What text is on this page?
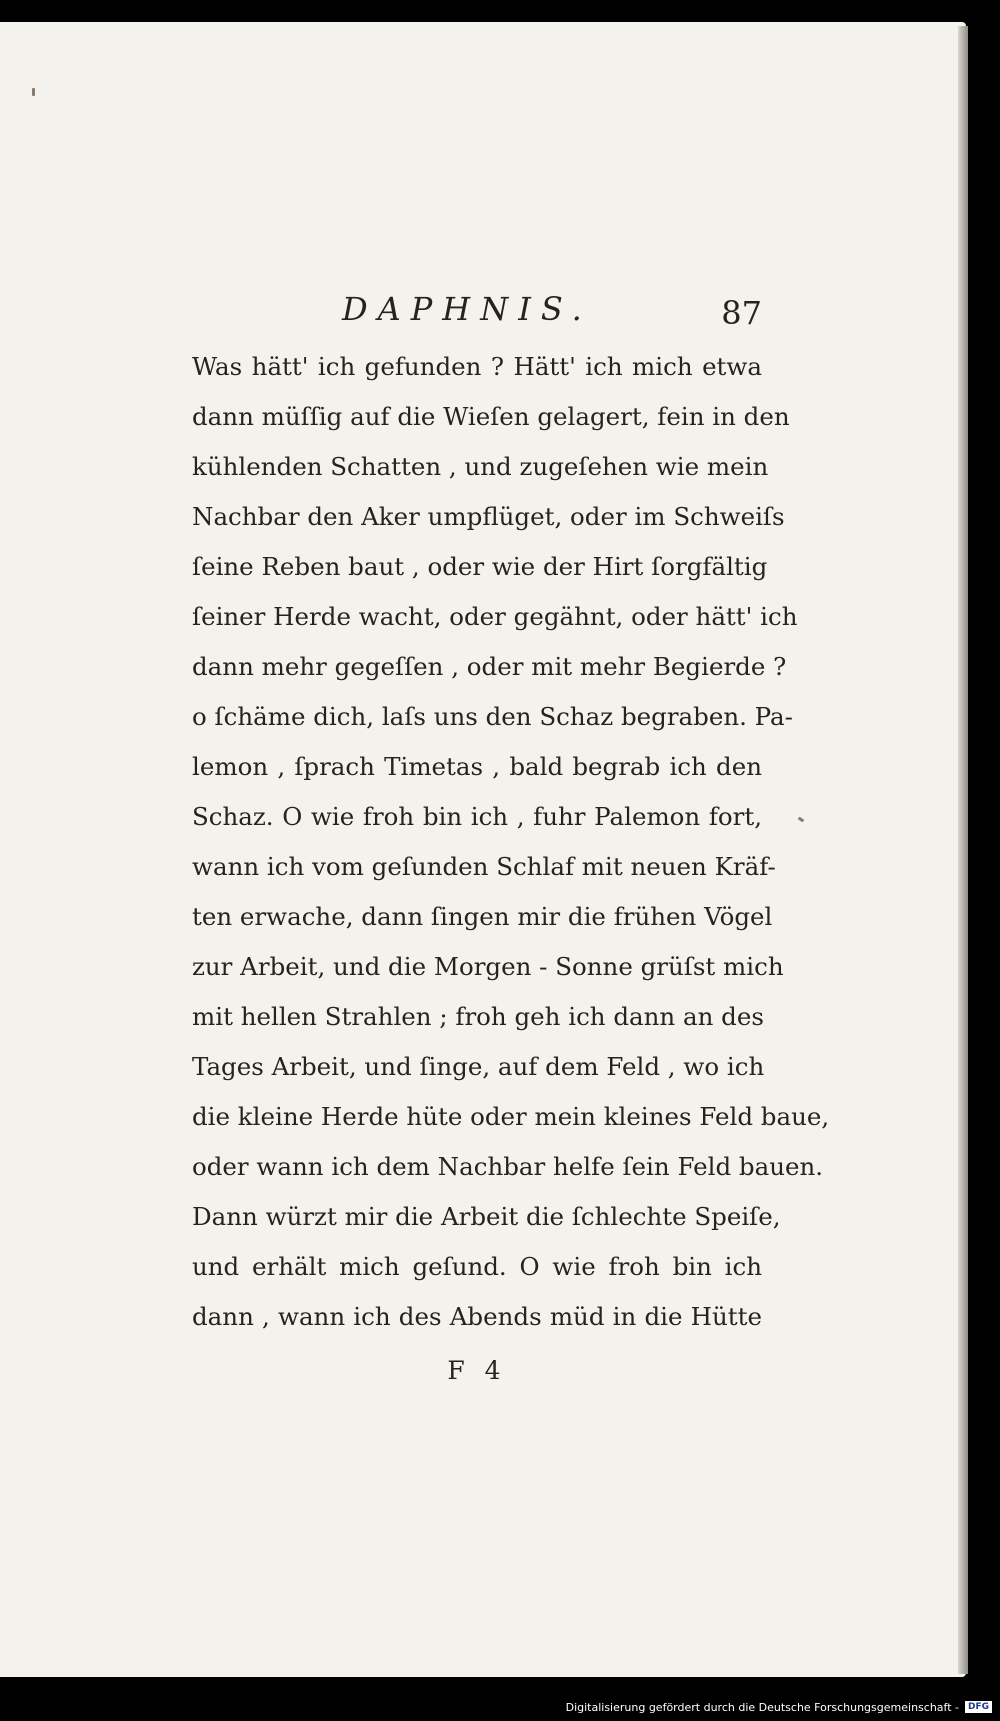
DAPHNIS.	87
Was hätt' ich gefunden ? Hätt' ich mich etwa
dann müſſig auf die Wieſen gelagert, fein in den
kühlenden Schatten , und zugeſehen wie mein
Nachbar den Aker umpflüget, oder im Schweiſs
ſeine Reben baut , oder wie der Hirt ſorgfältig
ſeiner Herde wacht, oder gegähnt, oder hätt' ich
dann mehr gegeſſen , oder mit mehr Begierde ?
o ſchäme dich, laſs uns den Schaz begraben. Pa-
lemon , ſprach Timetas , bald begrab ich den
Schaz. O wie froh bin ich , fuhr Palemon fort,
wann ich vom geſunden Schlaf mit neuen Kräf-
ten erwache, dann ſingen mir die frühen Vögel
zur Arbeit, und die Morgen - Sonne grüſst mich
mit hellen Strahlen ; froh geh ich dann an des
Tages Arbeit, und ſinge, auf dem Feld , wo ich
die kleine Herde hüte oder mein kleines Feld baue,
oder wann ich dem Nachbar helfe ſein Feld bauen.
Dann würzt mir die Arbeit die ſchlechte Speiſe,
und erhält mich geſund. O wie froh bin ich
dann , wann ich des Abends müd in die Hütte
F 4
Digitalisierung gefördert durch die Deutsche Forschungsgemeinschaft -	DFG
